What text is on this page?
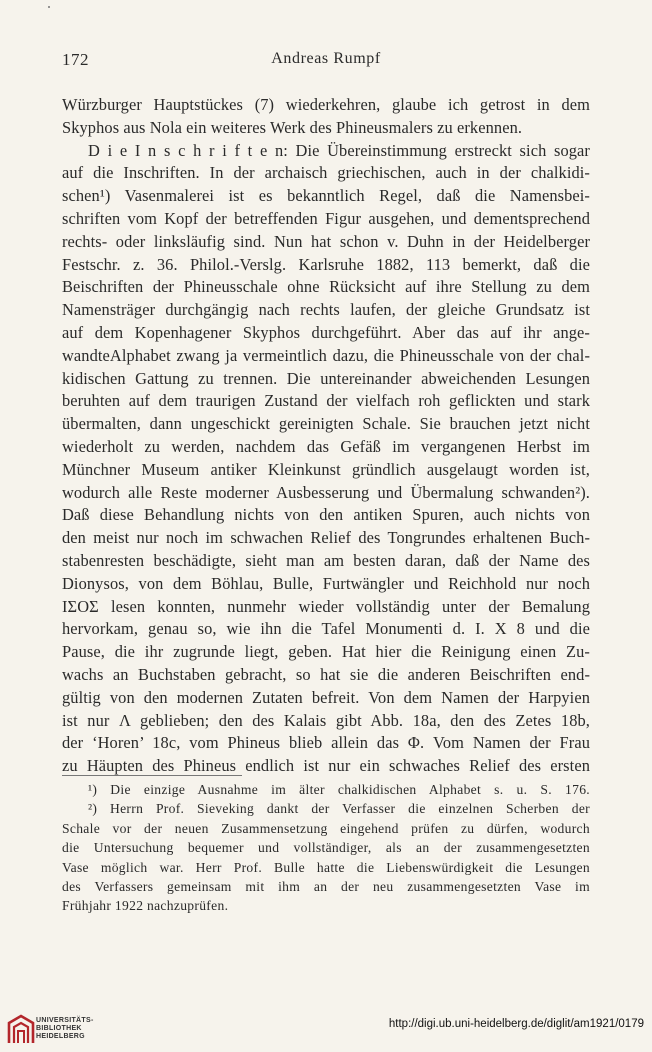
172	Andreas Rumpf
Würzburger Hauptstückes (7) wiederkehren, glaube ich getrost in dem
Skyphos aus Nola ein weiteres Werk des Phineusmalers zu erkennen.
D i e I n s c h r i f t e n: Die Übereinstimmung erstreckt sich sogar
auf die Inschriften. In der archaisch griechischen, auch in der chalkidi-
schen¹) Vasenmalerei ist es bekanntlich Regel, daß die Namensbei-
schriften vom Kopf der betreffenden Figur ausgehen, und dementsprechend
rechts- oder linksläufig sind. Nun hat schon v. Duhn in der Heidelberger
Festschr. z. 36. Philol.-Verslg. Karlsruhe 1882, 113 bemerkt, daß die
Beischriften der Phineusschale ohne Rücksicht auf ihre Stellung zu dem
Namensträger durchgängig nach rechts laufen, der gleiche Grundsatz ist
auf dem Kopenhagener Skyphos durchgeführt. Aber das auf ihr ange-
wandteAlphabet zwang ja vermeintlich dazu, die Phineusschale von der chal-
kidischen Gattung zu trennen. Die untereinander abweichenden Lesungen
beruhten auf dem traurigen Zustand der vielfach roh geflickten und stark
übermalten, dann ungeschickt gereinigten Schale. Sie brauchen jetzt nicht
wiederholt zu werden, nachdem das Gefäß im vergangenen Herbst im
Münchner Museum antiker Kleinkunst gründlich ausgelaugt worden ist,
wodurch alle Reste moderner Ausbesserung und Übermalung schwanden²).
Daß diese Behandlung nichts von den antiken Spuren, auch nichts von
den meist nur noch im schwachen Relief des Tongrundes erhaltenen Buch-
stabenresten beschädigte, sieht man am besten daran, daß der Name des
Dionysos, von dem Böhlau, Bulle, Furtwängler und Reichhold nur noch
ΙΣΟΣ lesen konnten, nunmehr wieder vollständig unter der Bemalung
hervorkam, genau so, wie ihn die Tafel Monumenti d. I. X 8 und die
Pause, die ihr zugrunde liegt, geben. Hat hier die Reinigung einen Zu-
wachs an Buchstaben gebracht, so hat sie die anderen Beischriften end-
gültig von den modernen Zutaten befreit. Von dem Namen der Harpyien
ist nur Λ geblieben; den des Kalais gibt Abb. 18a, den des Zetes 18b,
der ‘Horen’ 18c, vom Phineus blieb allein das Φ. Vom Namen der Frau
zu Häupten des Phineus endlich ist nur ein schwaches Relief des ersten
¹) Die einzige Ausnahme im älter chalkidischen Alphabet s. u. S. 176.
²) Herrn Prof. Sieveking dankt der Verfasser die einzelnen Scherben der
Schale vor der neuen Zusammensetzung eingehend prüfen zu dürfen, wodurch
die Untersuchung bequemer und vollständiger, als an der zusammengesetzten
Vase möglich war. Herr Prof. Bulle hatte die Liebenswürdigkeit die Lesungen
des Verfassers gemeinsam mit ihm an der neu zusammengesetzten Vase im
Frühjahr 1922 nachzuprüfen.
UNIVERSITÄTS-
BIBLIOTHEK
HEIDELBERG
http://digi.ub.uni-heidelberg.de/diglit/am1921/0179
